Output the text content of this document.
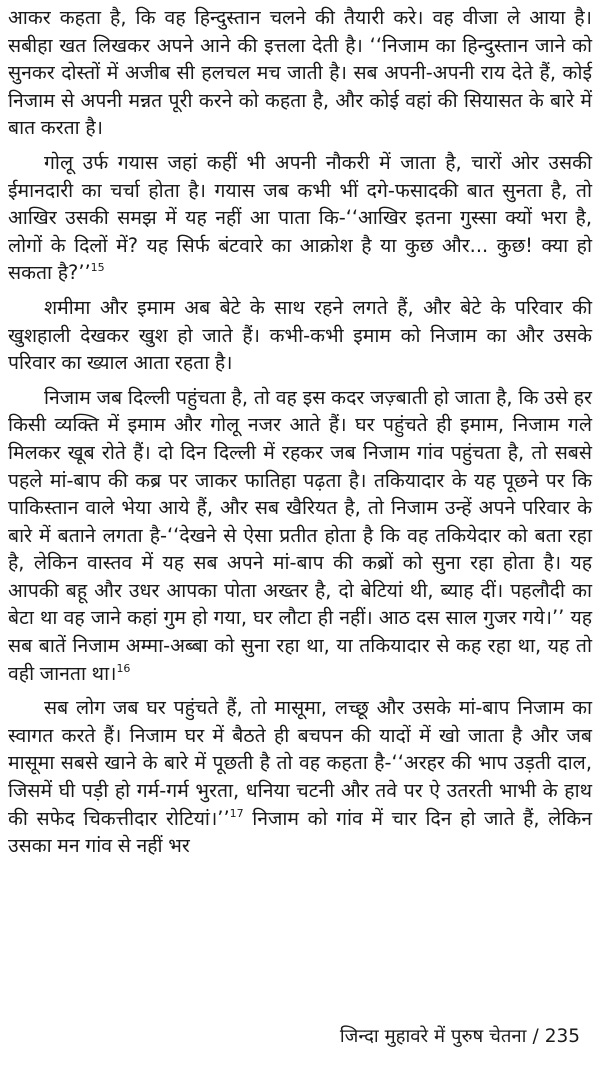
आकर कहता है, कि वह हिन्दुस्तान चलने की तैयारी करे। वह वीजा ले आया है। सबीहा खत लिखकर अपने आने की इत्तला देती है। ‘‘निजाम का हिन्दुस्तान जाने को सुनकर दोस्तों में अजीब सी हलचल मच जाती है। सब अपनी-अपनी राय देते हैं, कोई निजाम से अपनी मन्नत पूरी करने को कहता है, और कोई वहां की सियासत के बारे में बात करता है।

गोलू उर्फ गयास जहां कहीं भी अपनी नौकरी में जाता है, चारों ओर उसकी ईमानदारी का चर्चा होता है। गयास जब कभी भीं दगे-फसादकी बात सुनता है, तो आखिर उसकी समझ में यह नहीं आ पाता कि-‘‘आखिर इतना गुस्सा क्यों भरा है, लोगों के दिलों में? यह सिर्फ बंटवारे का आक्रोश है या कुछ और... कुछ! क्या हो सकता है?’’$^{15}$

शमीमा और इमाम अब बेटे के साथ रहने लगते हैं, और बेटे के परिवार की खुशहाली देखकर खुश हो जाते हैं। कभी-कभी इमाम को निजाम का और उसके परिवार का ख्याल आता रहता है।

निजाम जब दिल्ली पहुंचता है, तो वह इस कदर जज़्बाती हो जाता है, कि उसे हर किसी व्यक्ति में इमाम और गोलू नजर आते हैं। घर पहुंचते ही इमाम, निजाम गले मिलकर खूब रोते हैं। दो दिन दिल्ली में रहकर जब निजाम गांव पहुंचता है, तो सबसे पहले मां-बाप की कब्र पर जाकर फातिहा पढ़ता है। तकियादार के यह पूछने पर कि पाकिस्तान वाले भेया आये हैं, और सब खैरियत है, तो निजाम उन्हें अपने परिवार के बारे में बताने लगता है-‘‘देखने से ऐसा प्रतीत होता है कि वह तकियेदार को बता रहा है, लेकिन वास्तव में यह सब अपने मां-बाप की कब्रों को सुना रहा होता है। यह आपकी बहू और उधर आपका पोता अख्तर है, दो बेटियां थी, ब्याह दीं। पहलौदी का बेटा था वह जाने कहां गुम हो गया, घर लौटा ही नहीं। आठ दस साल गुजर गये।’’ यह सब बातें निजाम अम्मा-अब्बा को सुना रहा था, या तकियादार से कह रहा था, यह तो वही जानता था।$^{16}$

सब लोग जब घर पहुंचते हैं, तो मासूमा, लच्छू और उसके मां-बाप निजाम का स्वागत करते हैं। निजाम घर में बैठते ही बचपन की यादों में खो जाता है और जब मासूमा सबसे खाने के बारे में पूछती है तो वह कहता है-‘‘अरहर की भाप उड़ती दाल, जिसमें घी पड़ी हो गर्म-गर्म भुरता, धनिया चटनी और तवे पर ऐ उतरती भाभी के हाथ की सफेद चिकत्तीदार रोटियां।’’$^{17}$ निजाम को गांव में चार दिन हो जाते हैं, लेकिन उसका मन गांव से नहीं भर

जिन्दा मुहावरे में पुरुष चेतना / 235
